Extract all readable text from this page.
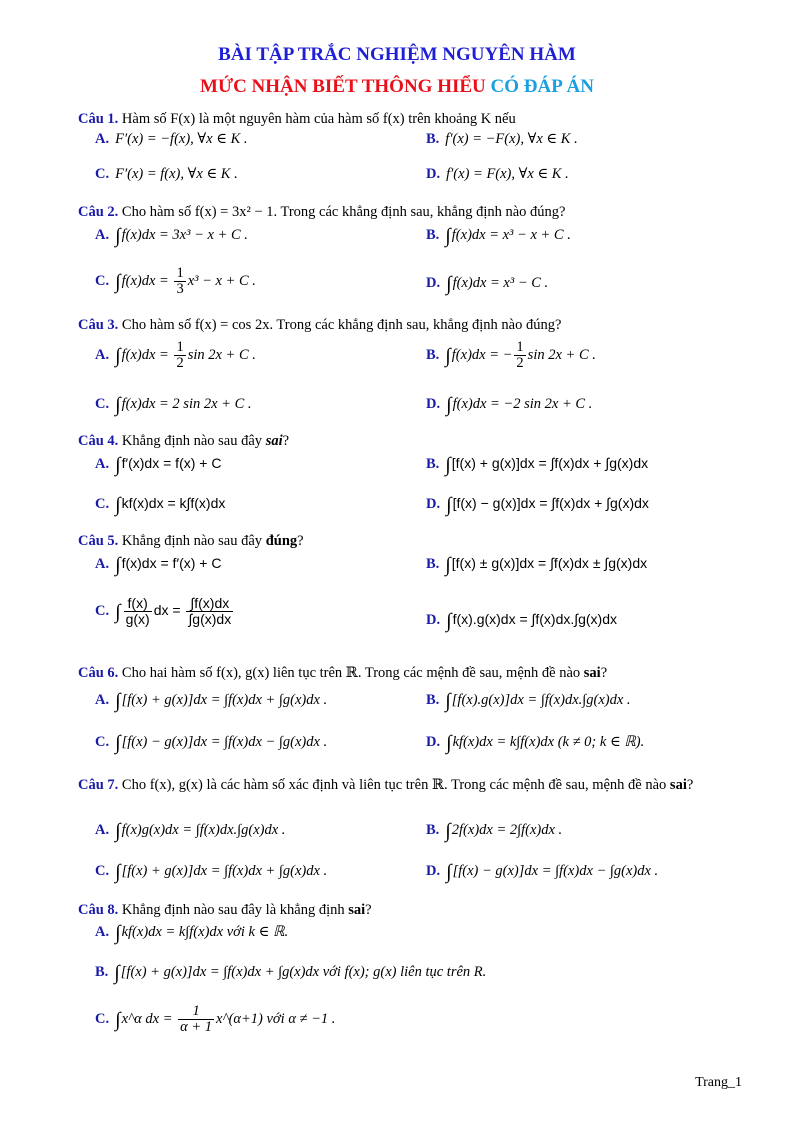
BÀI TẬP TRẮC NGHIỆM NGUYÊN HÀM
MỨC NHẬN BIẾT THÔNG HIỂU CÓ ĐÁP ÁN
Câu 1. Hàm số F(x) là một nguyên hàm của hàm số f(x) trên khoảng K nếu
A. F′(x) = −f(x), ∀x ∈ K .	B. f′(x) = −F(x), ∀x ∈ K .
C. F′(x) = f(x), ∀x ∈ K .	D. f′(x) = F(x), ∀x ∈ K .
Câu 2. Cho hàm số f(x) = 3x² − 1. Trong các khẳng định sau, khẳng định nào đúng?
A. ∫f(x)dx = 3x³ − x + C .	B. ∫f(x)dx = x³ − x + C .
C. $\int f(x)dx = \frac{1}{3} x^3 - x + C$ .	D. ∫f(x)dx = x³ − C .
Câu 3. Cho hàm số f(x) = cos 2x. Trong các khẳng định sau, khẳng định nào đúng?
A. $\int f(x)dx = \frac{1}{2}$ sin 2x + C .	B. ∫f(x)dx = − $\frac{1}{2}$ sin 2x + C .
C. ∫f(x)dx = 2 sin 2x + C .	D. ∫f(x)dx = −2 sin 2x + C .
Câu 4. Khẳng định nào sau đây sai?
A. ∫f′(x)dx = f(x) + C	B. ∫[f(x) + g(x)]dx = ∫f(x)dx + ∫g(x)dx
C. ∫kf(x)dx = k∫f(x)dx	D. ∫[f(x) − g(x)]dx = ∫f(x)dx + ∫g(x)dx
Câu 5. Khẳng định nào sau đây đúng?
A. ∫f(x)dx = f′(x) + C	B. ∫[f(x) ± g(x)]dx = ∫f(x)dx ± ∫g(x)dx
C. ∫ $\frac{f(x)}{g(x)}$ dx = $\frac{\int f(x)dx}{\int g(x)dx}$	D. ∫f(x).g(x)dx = ∫f(x)dx.∫g(x)dx
Câu 6. Cho hai hàm số f(x), g(x) liên tục trên ℝ. Trong các mệnh đề sau, mệnh đề nào sai?
A. ∫[f(x) + g(x)]dx = ∫f(x)dx + ∫g(x)dx .	B. ∫[f(x).g(x)]dx = ∫f(x)dx.∫g(x)dx .
C. ∫[f(x) − g(x)]dx = ∫f(x)dx − ∫g(x)dx .	D. ∫kf(x)dx = k∫f(x)dx (k ≠ 0; k ∈ ℝ).
Câu 7. Cho f(x), g(x) là các hàm số xác định và liên tục trên ℝ. Trong các mệnh đề sau, mệnh đề nào sai?
A. ∫f(x)g(x)dx = ∫f(x)dx.∫g(x)dx .	B. ∫2f(x)dx = 2∫f(x)dx .
C. ∫[f(x) + g(x)]dx = ∫f(x)dx + ∫g(x)dx .	D. ∫[f(x) − g(x)]dx = ∫f(x)dx − ∫g(x)dx .
Câu 8. Khẳng định nào sau đây là khẳng định sai?
A. ∫kf(x)dx = k∫f(x)dx với k ∈ ℝ.
B. ∫[f(x) + g(x)]dx = ∫f(x)dx + ∫g(x)dx với f(x); g(x) liên tục trên R.
C. ∫x^α dx = $\frac{1}{\alpha + 1}$ x^(α+1) với α ≠ −1 .
Trang_1
